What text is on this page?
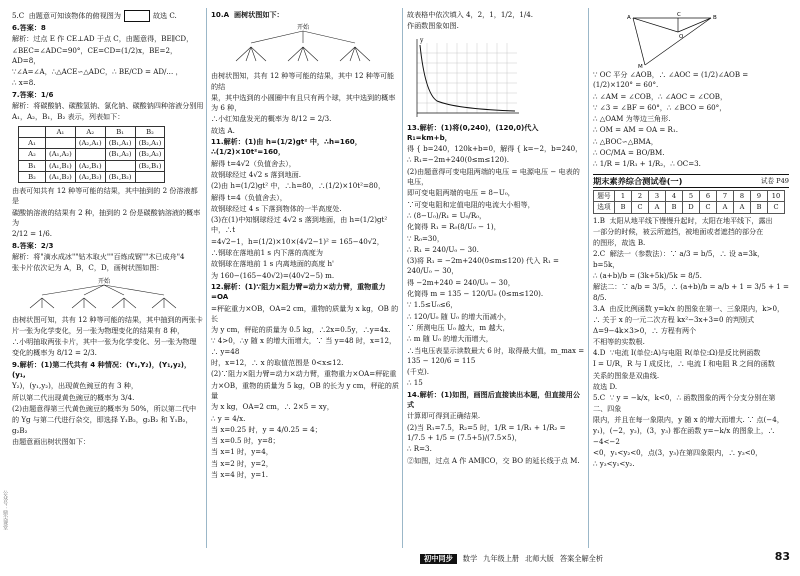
5.C  由题意可知该物体的俯视图为	故选 C.

6.答案：8

解析：过点 E 作 CE⊥AD 于点 C，由题意得，BE∥CD，

∠BEC=∠ADC=90°，CE=CD=(1/2)x，BE=2，AD=8，

∵∠A=∠A，∴△ACE∽△ADC，∴ BE/CD = AD/... ，

∴ x=8.

7.答案：1/6

解析：将碳酸钠、碳酸氢钠、氯化钠、碳酸钠四种溶液分别用

A₁，A₂，B₁，B₂ 表示，列表如下：

	A₁	A₂	B₁	B₂
A₁		(A₂,A₁)	(B₁,A₁)	(B₂,A₁)
A₂	(A₁,A₂)		(B₁,A₂)	(B₂,A₂)
B₁	(A₁,B₁)	(A₂,B₁)		(B₂,B₁)
B₂	(A₁,B₂)	(A₂,B₂)	(B₁,B₂)	

由表可知共有 12 种等可能的结果，其中抽到的 2 份溶液都是

碳酸钠溶液的结果有 2 种，抽到的 2 份是碳酸钠溶液的概率为

2/12 = 1/6.

8.答案：2/3

解析：将"滴水成冰""钻木取火""百炼成钢""木已成舟"4

张卡片依次记为 A，B，C，D，画树状图如图：

开始

由树状图可知，共有 12 种等可能的结果，其中抽到的两张卡

片一张为化学变化，另一张为物理变化的结果有 8 种，

∴小明抽取两张卡片，其中一张为化学变化、另一张为物理

变化的概率为 8/12 = 2/3.

9.解析：(1)第二代共有 4 种情况：(Y₁,Y₂)，(Y₁,y₂)，(y₁,

Y₂)，(y₁,y₂)，出现黄色豌豆的有 3 种，

所以第二代出现黄色豌豆的概率为 3/4.

(2)由题意得第三代黄色豌豆的概率为 50%，所以第二代中

的 Yg 与第二代进行杂交，即选择 Y₁B₂，g₂B₂ 和 Y₁B₂，g₂B₂

由题意画出树状图如下：

10.A  画树状图如下：

开始

由树状图知，共有 12 种等可能的结果，其中 12 种等可能的结

果，其中选到的小圆圈中有且只有两个球，其中选到的概率为 6 种，

∴小红知盘发光的概率为 8/12 = 2/3.

故选 A.

11.解析：(1)由 h=(1/2)gt² 中，∴h=160，∴(1/2)×10t²=160，

解得 t=4√2（负值舍去），

故钢球经过 4√2 s 落到地面.

(2)由 h=(1/2)gt² 中，∴h=80，∴(1/2)×10t²=80，

解得 t=4（负值舍去），

故钢球经过 4 s 下落到物体的一半高度处.

(3)在(1)中知钢球经过 4√2 s 落到地面，由 h=(1/2)gt² 中，∴t

=4√2−1，h=(1/2)×10×(4√2−1)² = 165−40√2，

∴钢球在落地前1 s 内下落的高度为

故钢球在落地前 1 s 内离地面的高度 h'

为 160−(165−40√2)=(40√2−5) m.

12.解析：(1)∵阻力×阻力臂=动力×动力臂，重物重力=OA

=秤砣重力×OB，OA=2 cm，重物的质量为 x kg，OB 的长

为 y cm，秤砣的质量为 0.5 kg，∴2x=0.5y，∴y=4x.

∵ 4>0，∴y 随 x 的增大而增大，∵ 当 y=48 时，x=12，∴ y=48

时，x=12，∴ x 的取值范围是 0<x≤12.

(2)∵阻力×阻力臂=动力×动力臂，重物重力×OA=秤砣重

力×OB，重物的质量为 5 kg，OB 的长为 y cm，秤砣的质量

为 x kg，OA=2 cm，∴ 2×5 = xy，

∴ y = 4/x.

当 x=0.25 时，y = 4/0.25 = 4；

当 x=0.5 时，y=8；

当 x=1 时，y=4，

当 x=2 时，y=2，

当 x=4 时，y=1.

故表格中依次填入 4，2，1，1/2，1/4.

作函数图象如图.

y

13.解析：(1)将(0,240)，(120,0)代入 R₁=km+b，

得 { b=240，120k+b=0，解得 { k=−2，b=240，

∴ R₁=−2m+240(0≤m≤120).

(2)由题意得可变电阻两端的电压 = 电源电压 − 电表的电压，

即可变电阻两端的电压 = 8−U₀，

∵可变电阻和定值电阻的电流大小相等，

∴ (8−U₀)/R₁ = U₀/R₀，

化简得 R₁ = R₀(8/U₀ − 1)，

∵ R₀=30，

∴ R₁ = 240/U₀ − 30.

(3)将 R₁ = −2m+240(0≤m≤120) 代入 R₁ = 240/U₀ − 30，

得 −2m+240 = 240/U₀ − 30，

化简得 m = 135 − 120/U₀ (0≤m≤120).

∵ 1.5≤U₀≤6，

∴ 120/U₀ 随 U₀ 的增大而减小，

∵ 所测电压 U₀ 越大，m 越大，

∴ m 随 U₀ 的增大而增大，

∴当电压表显示读数最大 6 时，取得最大值，m_max = 135 − 120/6 = 115

(千克).

∴ 15

14.解析：(1)如图，画图后直接读出本题，但直接用公式

计算即可得到正确结果.

(2)当 R₁=7.5，R₂=5 时，1/R = 1/R₁ + 1/R₂ = 1/7.5 + 1/5 = (7.5+5)/(7.5×5)，

∴ R=3.

②如图，过点 A 作 AM∥CO，交 BO 的延长线于点 M.

A	B
O
C
M

∵ OC 平分 ∠AOB，∴ ∠AOC = (1/2)∠AOB = (1/2)×120° = 60°.

∴ ∠AM = ∠COB，∴ ∠AOC = ∠COB，

∵ ∠3 = ∠BF = 60°，∴ ∠BCO = 60°，

∴ △OAM 为等边三角形.

∴ OM = AM = OA = R₁.

∴ △BOC∽△BMA，

∴ OC/MA = BO/BM.

∴ 1/R = 1/R₁ + 1/R₂，∴ OC=3.

期末素养综合测试卷(一)	试卷 P49
题号	1	2	3	4	5	6	7	8	9	10
选项	B	C	A	B	D	C	A	A	B	C

1.B  太阳从地平线下慢慢升起时，太阳在地平线下，露出

一部分的时候，被云所遮挡，被地面或者遮挡的部分在

的图形，故选 B.

2.C  解法一（参数法）：∵ a/3 = b/5，∴ 设 a=3k，b=5k，

∴ (a+b)/b = (3k+5k)/5k = 8/5.

解法二：∵ a/b = 3/5，∴ (a+b)/b = a/b + 1 = 3/5 + 1 = 8/5.

3.A  由反比例函数 y=k/x 的图象在第一、三象限内，k>0，

∴ 关于 x 的一元二次方程 kx²−3x+3=0 的判别式 Δ=9−4k×3>0，∴ 方程有两个

不相等的实数根.

4.D  ∵电流 I(单位:A)与电阻 R(单位:Ω)是反比例函数

I = U/R，R 与 I 成反比，∴ 电流 I 和电阻 R 之间的函数

关系的图象是双曲线.

故选 D.

5.C  ∵ y = −k/x，k<0，∴ 函数图象的两个分支分别在第二、四象

限内，并且在每一象限内，y 随 x 的增大而增大. ∵ 点(−4，

y₁)，(−2，y₂)，(3，y₃) 都在函数 y=−k/x 的图象上，∴ −4<−2

<0，y₁<y₂<0，点(3，y₃)在第四象限内，∴ y₃<0，

∴ y₃<y₁<y₂.

初中同步	数学 九年级上册 北师大版 答案全解全析	83
公众号：鼎尖课堂
